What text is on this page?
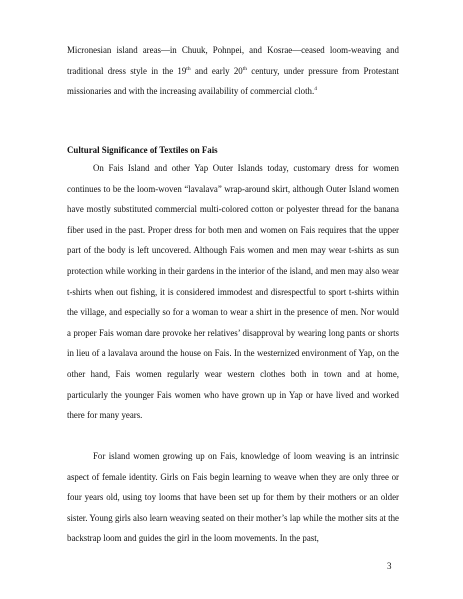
Micronesian island areas—in Chuuk, Pohnpei, and Kosrae—ceased loom-weaving and traditional dress style in the 19th and early 20th century, under pressure from Protestant missionaries and with the increasing availability of commercial cloth.$^4$

Cultural Significance of Textiles on Fais

On Fais Island and other Yap Outer Islands today, customary dress for women continues to be the loom-woven “lavalava” wrap-around skirt, although Outer Island women have mostly substituted commercial multi-colored cotton or polyester thread for the banana fiber used in the past. Proper dress for both men and women on Fais requires that the upper part of the body is left uncovered. Although Fais women and men may wear t-shirts as sun protection while working in their gardens in the interior of the island, and men may also wear t-shirts when out fishing, it is considered immodest and disrespectful to sport t-shirts within the village, and especially so for a woman to wear a shirt in the presence of men. Nor would a proper Fais woman dare provoke her relatives’ disapproval by wearing long pants or shorts in lieu of a lavalava around the house on Fais. In the westernized environment of Yap, on the other hand, Fais women regularly wear western clothes both in town and at home, particularly the younger Fais women who have grown up in Yap or have lived and worked there for many years.

For island women growing up on Fais, knowledge of loom weaving is an intrinsic aspect of female identity. Girls on Fais begin learning to weave when they are only three or four years old, using toy looms that have been set up for them by their mothers or an older sister. Young girls also learn weaving seated on their mother’s lap while the mother sits at the backstrap loom and guides the girl in the loom movements. In the past,

3
